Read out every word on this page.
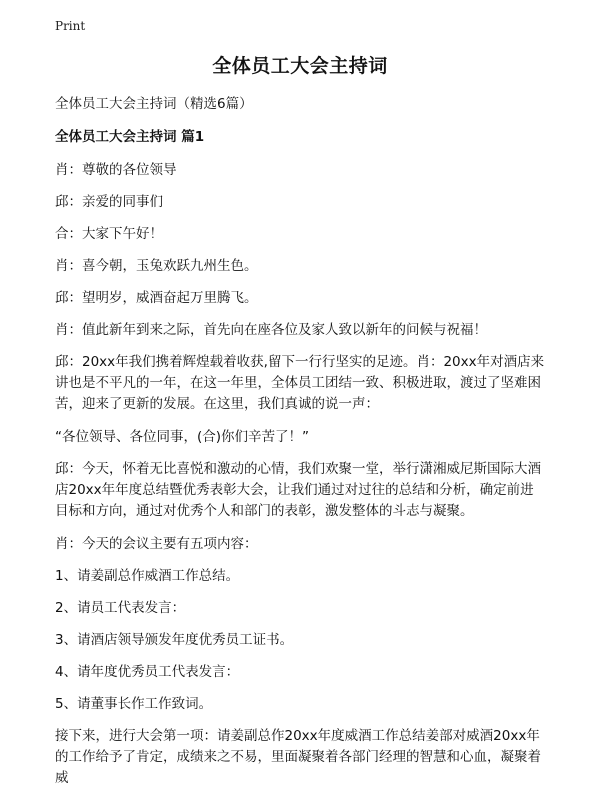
Print
全体员工大会主持词

全体员工大会主持词（精选6篇）

全体员工大会主持词 篇1

肖：尊敬的各位领导

邱：亲爱的同事们

合：大家下午好！

肖：喜今朝，玉兔欢跃九州生色。

邱：望明岁，威酒奋起万里腾飞。

肖：值此新年到来之际，首先向在座各位及家人致以新年的问候与祝福！

邱：20xx年我们携着辉煌载着收获,留下一行行坚实的足迹。肖：20xx年对酒店来讲也是不平凡的一年，在这一年里，全体员工团结一致、积极进取，渡过了坚难困苦，迎来了更新的发展。在这里，我们真诚的说一声：

“各位领导、各位同事，(合)你们辛苦了！”

邱：今天，怀着无比喜悦和激动的心情，我们欢聚一堂，举行潇湘威尼斯国际大酒店20xx年年度总结暨优秀表彰大会，让我们通过对过往的总结和分析，确定前进目标和方向，通过对优秀个人和部门的表彰，激发整体的斗志与凝聚。

肖：今天的会议主要有五项内容：

1、请姜副总作威酒工作总结。

2、请员工代表发言：

3、请酒店领导颁发年度优秀员工证书。

4、请年度优秀员工代表发言：

5、请董事长作工作致词。

接下来，进行大会第一项：请姜副总作20xx年度威酒工作总结姜部对威酒20xx年的工作给予了肯定，成绩来之不易，里面凝聚着各部门经理的智慧和心血，凝聚着威
